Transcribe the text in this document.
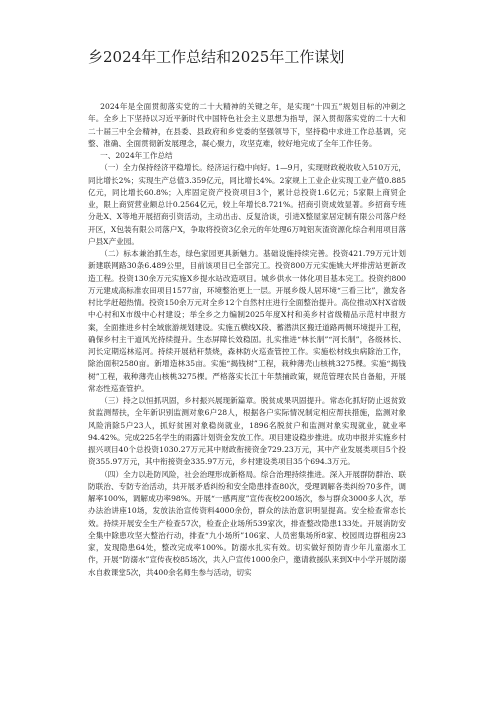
乡2024年工作总结和2025年工作谋划

2024年是全面贯彻落实党的二十大精神的关键之年，是实现“十四五”规划目标的冲刺之年。全乡上下坚持以习近平新时代中国特色社会主义思想为指导，深入贯彻落实党的二十大和二十届三中全会精神，在县委、县政府和乡党委的坚强领导下，坚持稳中求进工作总基调，完整、准确、全面贯彻新发展理念，凝心聚力，攻坚克难，较好地完成了全年工作任务。

一、2024年工作总结

（一）全力保持经济平稳增长。经济运行稳中向好。1—9月，实现财政税收收入510万元，同比增长2%；实现生产总值3.359亿元，同比增长4%。2家规上工业企业实现工业产值0.885亿元，同比增长60.8%；入库固定资产投资项目3个，累计总投资1.6亿元；5家限上商贸企业，限上商贸营业额总计0.2564亿元，较上年增长8.721%。招商引资成效显著。乡招商专班分赴X、X等地开展招商引资活动，主动出击、反复洽谈，引进X整屋家居定制有限公司落户经开区，X包装有限公司落户X，争取将投资3亿余元的年处理6万吨铝灰渣资源化综合利用项目落户县X产业园。

（二）标本兼治抓生态，绿色家园更具新魅力。基础设施持续完善。投资421.79万元计划新建联网路30条6.489公里，目前该项目已全部完工。投资800万元实施姚大坪排涝站更新改造工程。投资130余万元实施X乡提水站改造项目。城乡供水一体化项目基本完工。投资约800万元建成高标准农田项目1577亩，环境整治更上一层。开展乡级人居环境“三看三比”，激发各村比学赶超热情。投资150余万元对全乡12个自然村庄进行全面整治提升。高位推动X村X省级中心村和X市级中心村建设；举全乡之力编制2025年度X村和美乡村省级精品示范村申报方案，全面推进乡村全域旅游规划建设。实施五横线X段、蓄潜洪区搬迁道路两侧环境提升工程，确保乡村主干道风光持续提升。生态屏障长效稳固。扎实推进“林长制”“河长制”，各级林长、河长定期巡林巡河。持续开展秸秆禁烧，森林防火巡查管控工作。实施松材线虫病除治工作，除治面积2580亩。新增造林35亩。实施“揭钱树”工程，栽种薄壳山核桃3275棵。实施“揭钱树”工程，栽种薄壳山核桃3275棵。严格落实长江十年禁捕政策，规范管理农民自备船，开展常态性巡查管护。

（三）持之以恒抓巩固，乡村振兴展现新篇章。脱贫成果巩固提升。常态化抓好防止返贫致贫监测帮扶，全年新识别监测对象6户28人，根据各户实际情况制定相应帮扶措施，监测对象风险消除5户23人，抓好贫困对象稳岗就业，1896名脱贫户和监测对象实现就业，就业率94.42%。完成225名学生的雨露计划资金发放工作。项目建设稳步推进。成功申报并实施乡村振兴项目40个总投资1030.27万元其中财政衔接资金729.23万元，其中产业发展类项目5个投资355.97万元，其中衔接资金335.97万元，乡村建设类项目35个694.3万元。

（四）全力以赴防风险，社会治理形成新格局。综合治理持续推进。深入开展群防群治、联防联治、专防专治活动，共开展矛盾纠纷和安全隐患排查80次，受理调解各类纠纷70多件，调解率100%，调解成功率98%。开展“一感两度”宣传夜校200场次，参与群众3000多人次，举办法治讲座10场，发放法治宣传资料4000余份，群众的法治意识明显提高。安全检查常态长效。持续开展安全生产检查57次，检查企业场所539家次，排查整改隐患133处。开展消防安全集中除患攻坚大整治行动，排查“九小场所”106家、人员密集场所8家、校园周边群租房23家，发现隐患64处，整改完成率100%。防溺水扎实有效。切实做好预防青少年儿童溺水工作，开展“防溺水”宣传夜校85场次，共入户宣传1000余户，邀请救援队来到X中小学开展防溺水自救课堂5次，共400余名师生参与活动，切实
